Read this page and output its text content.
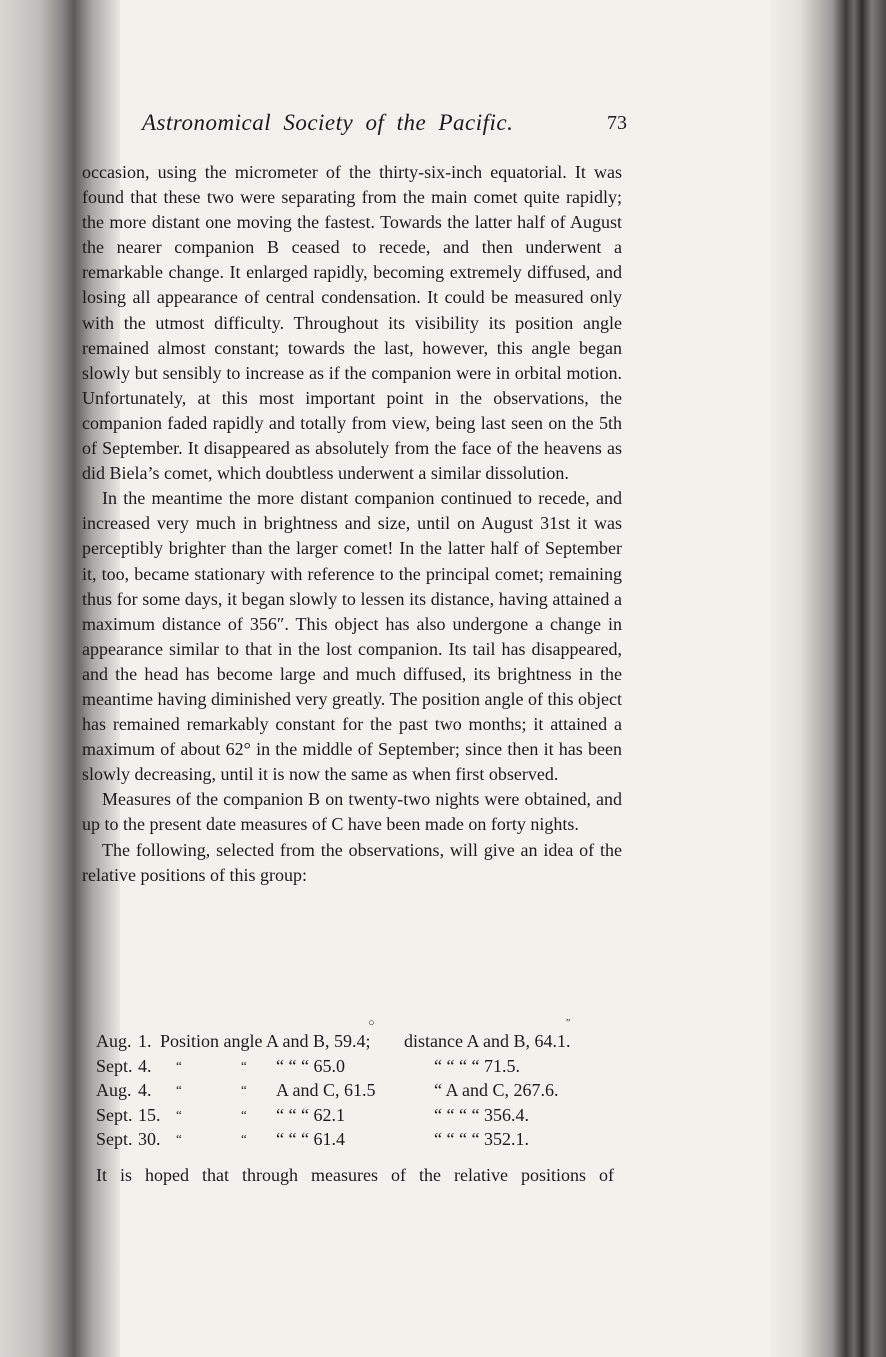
Astronomical Society of the Pacific.	73

occasion, using the micrometer of the thirty-six-inch equatorial. It was found that these two were separating from the main comet quite rapidly; the more distant one moving the fastest. Towards the latter half of August the nearer companion B ceased to recede, and then underwent a remarkable change. It enlarged rapidly, becoming extremely diffused, and losing all appearance of central condensation. It could be measured only with the utmost difficulty. Throughout its visibility its position angle remained almost constant; towards the last, however, this angle began slowly but sensibly to increase as if the companion were in orbital motion. Unfortunately, at this most important point in the observations, the companion faded rapidly and totally from view, being last seen on the 5th of September. It disappeared as absolutely from the face of the heavens as did Biela’s comet, which doubtless underwent a similar dissolution.

In the meantime the more distant companion continued to recede, and increased very much in brightness and size, until on August 31st it was perceptibly brighter than the larger comet! In the latter half of September it, too, became stationary with reference to the principal comet; remaining thus for some days, it began slowly to lessen its distance, having attained a maximum distance of 356″. This object has also undergone a change in appearance similar to that in the lost companion. Its tail has disappeared, and the head has become large and much diffused, its brightness in the meantime having diminished very greatly. The position angle of this object has remained remarkably constant for the past two months; it attained a maximum of about 62° in the middle of September; since then it has been slowly decreasing, until it is now the same as when first observed.

Measures of the companion B on twenty-two nights were obtained, and up to the present date measures of C have been made on forty nights.

The following, selected from the observations, will give an idea of the relative positions of this group:

○	″
Aug. 1. Position angle A and B, 59.4; distance A and B, 64.1.
Sept. 4. “	“ “ “ “ 65.0	“ “ “ “ 71.5.
Aug. 4. “	“ A and C, 61.5	“ A and C, 267.6.
Sept. 15. “	“ “ “ “ 62.1	“ “ “ “ 356.4.
Sept. 30. “	“ “ “ “ 61.4	“ “ “ “ 352.1.
It is hoped that through measures of the relative positions of
